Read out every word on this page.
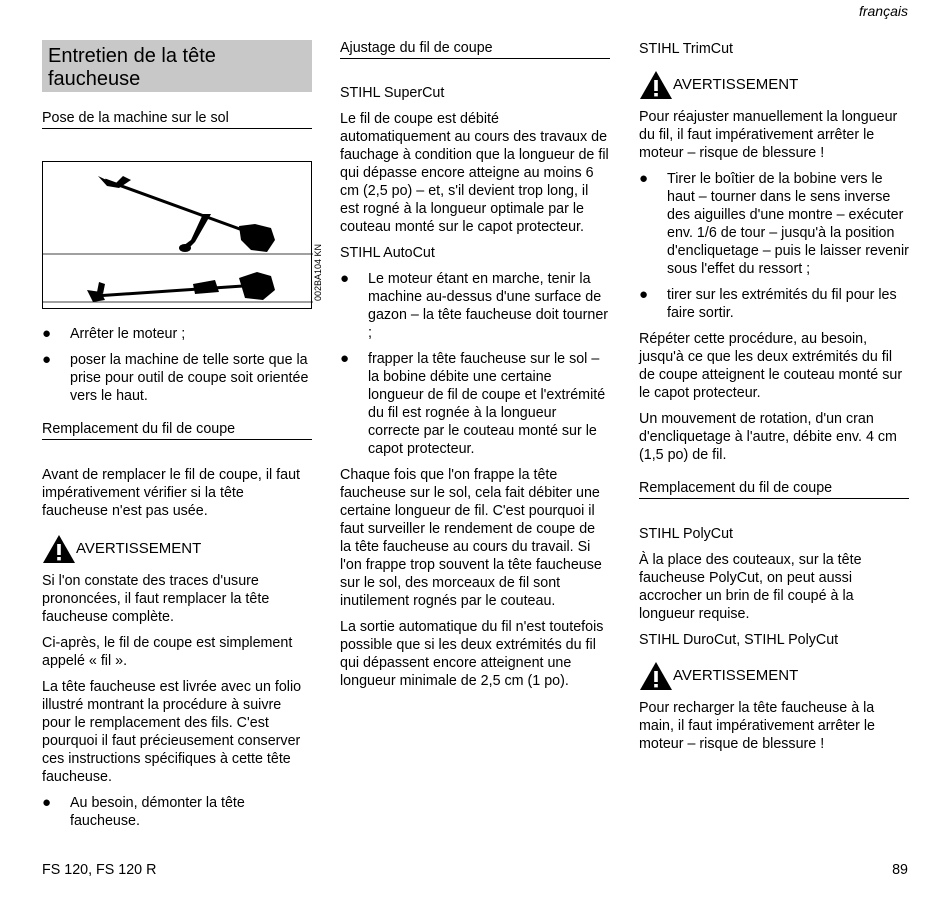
français
Entretien de la tête faucheuse
Pose de la machine sur le sol
002BA104 KN
● Arrêter le moteur ;
● poser la machine de telle sorte que la prise pour outil de coupe soit orientée vers le haut.
Remplacement du fil de coupe

Avant de remplacer le fil de coupe, il faut impérativement vérifier si la tête faucheuse n'est pas usée.

AVERTISSEMENT

Si l'on constate des traces d'usure prononcées, il faut remplacer la tête faucheuse complète.

Ci-après, le fil de coupe est simplement appelé « fil ».

La tête faucheuse est livrée avec un folio illustré montrant la procédure à suivre pour le remplacement des fils. C'est pourquoi il faut précieusement conserver ces instructions spécifiques à cette tête faucheuse.

● Au besoin, démonter la tête faucheuse.
Ajustage du fil de coupe

STIHL SuperCut

Le fil de coupe est débité automatiquement au cours des travaux de fauchage à condition que la longueur de fil qui dépasse encore atteigne au moins 6 cm (2,5 po) – et, s'il devient trop long, il est rogné à la longueur optimale par le couteau monté sur le capot protecteur.

STIHL AutoCut

● Le moteur étant en marche, tenir la machine au-dessus d'une surface de gazon – la tête faucheuse doit tourner ;
● frapper la tête faucheuse sur le sol – la bobine débite une certaine longueur de fil de coupe et l'extrémité du fil est rognée à la longueur correcte par le couteau monté sur le capot protecteur.

Chaque fois que l'on frappe la tête faucheuse sur le sol, cela fait débiter une certaine longueur de fil. C'est pourquoi il faut surveiller le rendement de coupe de la tête faucheuse au cours du travail. Si l'on frappe trop souvent la tête faucheuse sur le sol, des morceaux de fil sont inutilement rognés par le couteau.

La sortie automatique du fil n'est toutefois possible que si les deux extrémités du fil qui dépassent encore atteignent une longueur minimale de 2,5 cm (1 po).

STIHL TrimCut

AVERTISSEMENT

Pour réajuster manuellement la longueur du fil, il faut impérativement arrêter le moteur – risque de blessure !

● Tirer le boîtier de la bobine vers le haut – tourner dans le sens inverse des aiguilles d'une montre – exécuter env. 1/6 de tour – jusqu'à la position d'encliquetage – puis le laisser revenir sous l'effet du ressort ;
● tirer sur les extrémités du fil pour les faire sortir.

Répéter cette procédure, au besoin, jusqu'à ce que les deux extrémités du fil de coupe atteignent le couteau monté sur le capot protecteur.

Un mouvement de rotation, d'un cran d'encliquetage à l'autre, débite env. 4 cm (1,5 po) de fil.

Remplacement du fil de coupe

STIHL PolyCut

À la place des couteaux, sur la tête faucheuse PolyCut, on peut aussi accrocher un brin de fil coupé à la longueur requise.

STIHL DuroCut, STIHL PolyCut

AVERTISSEMENT

Pour recharger la tête faucheuse à la main, il faut impérativement arrêter le moteur – risque de blessure !

FS 120, FS 120 R	89
